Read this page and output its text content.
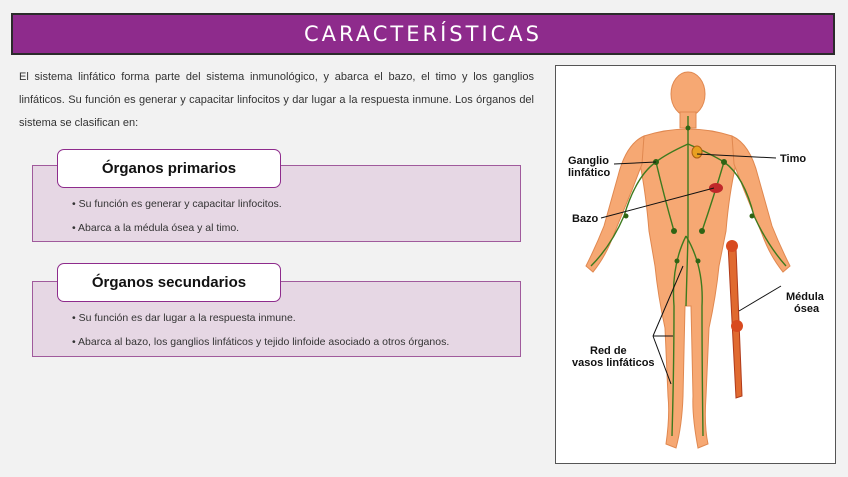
CARACTERÍSTICAS
El sistema linfático forma parte del sistema inmunológico, y abarca el bazo, el timo y los ganglios linfáticos. Su función es generar y capacitar linfocitos y dar lugar a la respuesta inmune. Los órganos del sistema se clasifican en:
Órganos primarios
• Su función es generar y capacitar linfocitos.
• Abarca a la médula ósea y al timo.
Órganos secundarios
• Su función es dar lugar a la respuesta inmune.
• Abarca al bazo, los ganglios linfáticos y tejido linfoide asociado a otros órganos.
Ganglio
linfático
Timo
Bazo
Médula
ósea
Red de
vasos linfáticos
